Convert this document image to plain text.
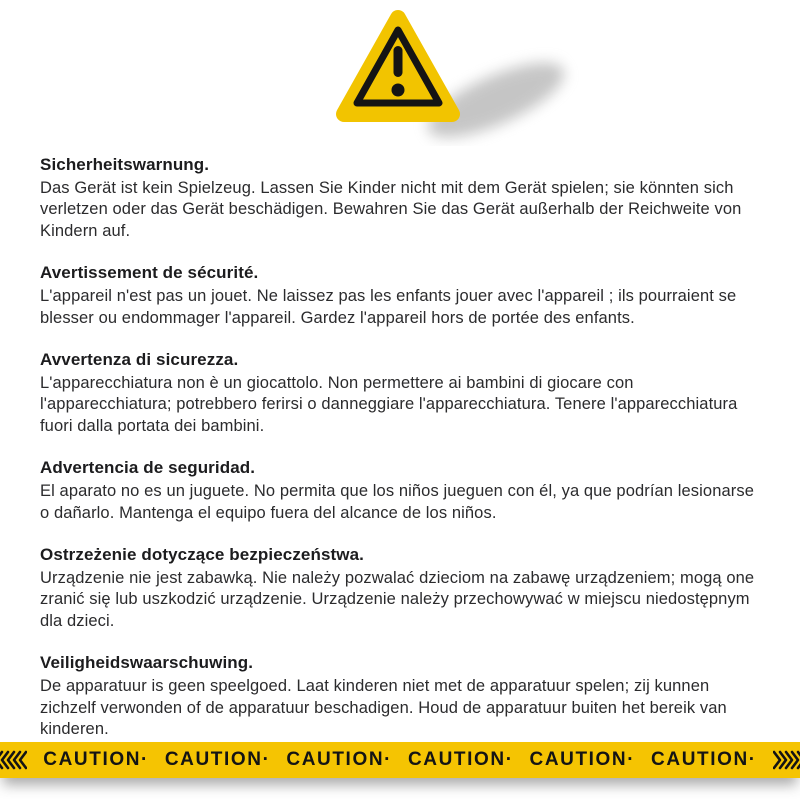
Sicherheitswarnung.

Das Gerät ist kein Spielzeug. Lassen Sie Kinder nicht mit dem Gerät spielen; sie könnten sich verletzen oder das Gerät beschädigen. Bewahren Sie das Gerät außerhalb der Reichweite von Kindern auf.

Avertissement de sécurité.

L'appareil n'est pas un jouet. Ne laissez pas les enfants jouer avec l'appareil ; ils pourraient se blesser ou endommager l'appareil. Gardez l'appareil hors de portée des enfants.

Avvertenza di sicurezza.

L'apparecchiatura non è un giocattolo. Non permettere ai bambini di giocare con l'apparecchiatura; potrebbero ferirsi o danneggiare l'apparecchiatura. Tenere l'apparecchiatura fuori dalla portata dei bambini.

Advertencia de seguridad.

El aparato no es un juguete. No permita que los niños jueguen con él, ya que podrían lesionarse o dañarlo. Mantenga el equipo fuera del alcance de los niños.

Ostrzeżenie dotyczące bezpieczeństwa.

Urządzenie nie jest zabawką. Nie należy pozwalać dzieciom na zabawę urządzeniem; mogą one zranić się lub uszkodzić urządzenie. Urządzenie należy przechowywać w miejscu niedostępnym dla dzieci.

Veiligheidswaarschuwing.

De apparatuur is geen speelgoed. Laat kinderen niet met de apparatuur spelen; zij kunnen zichzelf verwonden of de apparatuur beschadigen. Houd de apparatuur buiten het bereik van kinderen.

CAUTION· CAUTION· CAUTION· CAUTION· CAUTION· CAUTION·
